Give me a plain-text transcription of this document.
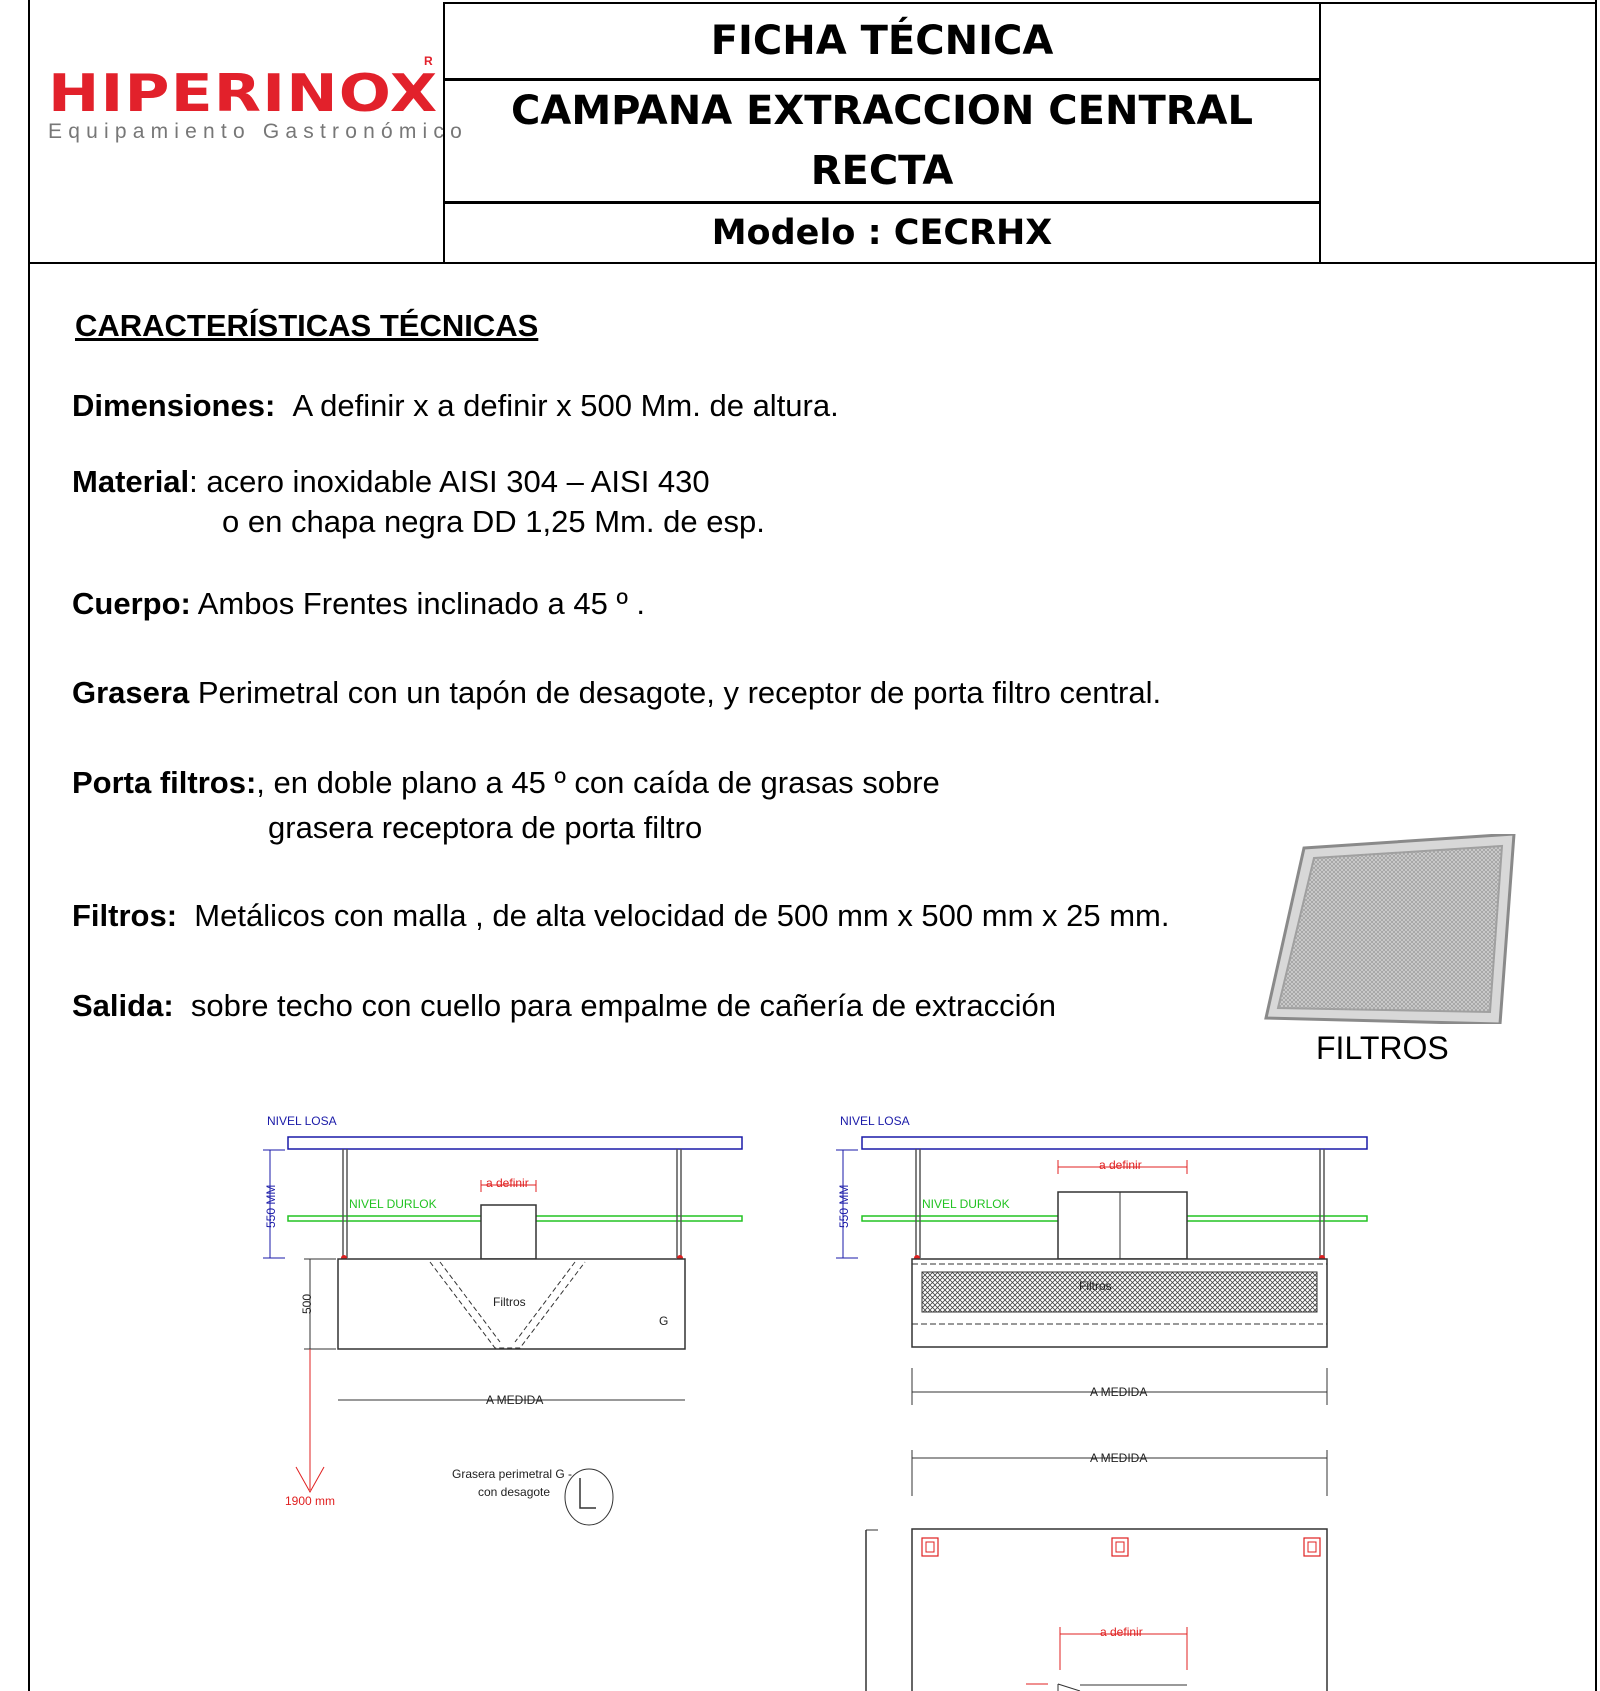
HIPERINOX
R
Equipamiento Gastronómico
FICHA TÉCNICA
CAMPANA EXTRACCION CENTRAL
RECTA
Modelo : CECRHX
CARACTERÍSTICAS TÉCNICAS
Dimensiones: A definir x a definir x 500 Mm. de altura.
Material: acero inoxidable AISI 304 – AISI 430
o en chapa negra DD 1,25 Mm. de esp.
Cuerpo: Ambos Frentes inclinado a 45 º .
Grasera Perimetral con un tapón de desagote, y receptor de porta filtro central.
Porta filtros:, en doble plano a 45 º con caída de grasas sobre
grasera receptora de porta filtro
Filtros: Metálicos con malla , de alta velocidad de 500 mm x 500 mm x 25 mm.
Salida: sobre techo con cuello para empalme de cañería de extracción
FILTROS
NIVEL LOSA
NIVEL DURLOK
550 MM
a definir
Filtros
G
500
A MEDIDA
1900 mm
Grasera perimetral G -
con desagote
NIVEL LOSA
NIVEL DURLOK
550 MM
a definir
Filtros
A MEDIDA
A MEDIDA
a definir
